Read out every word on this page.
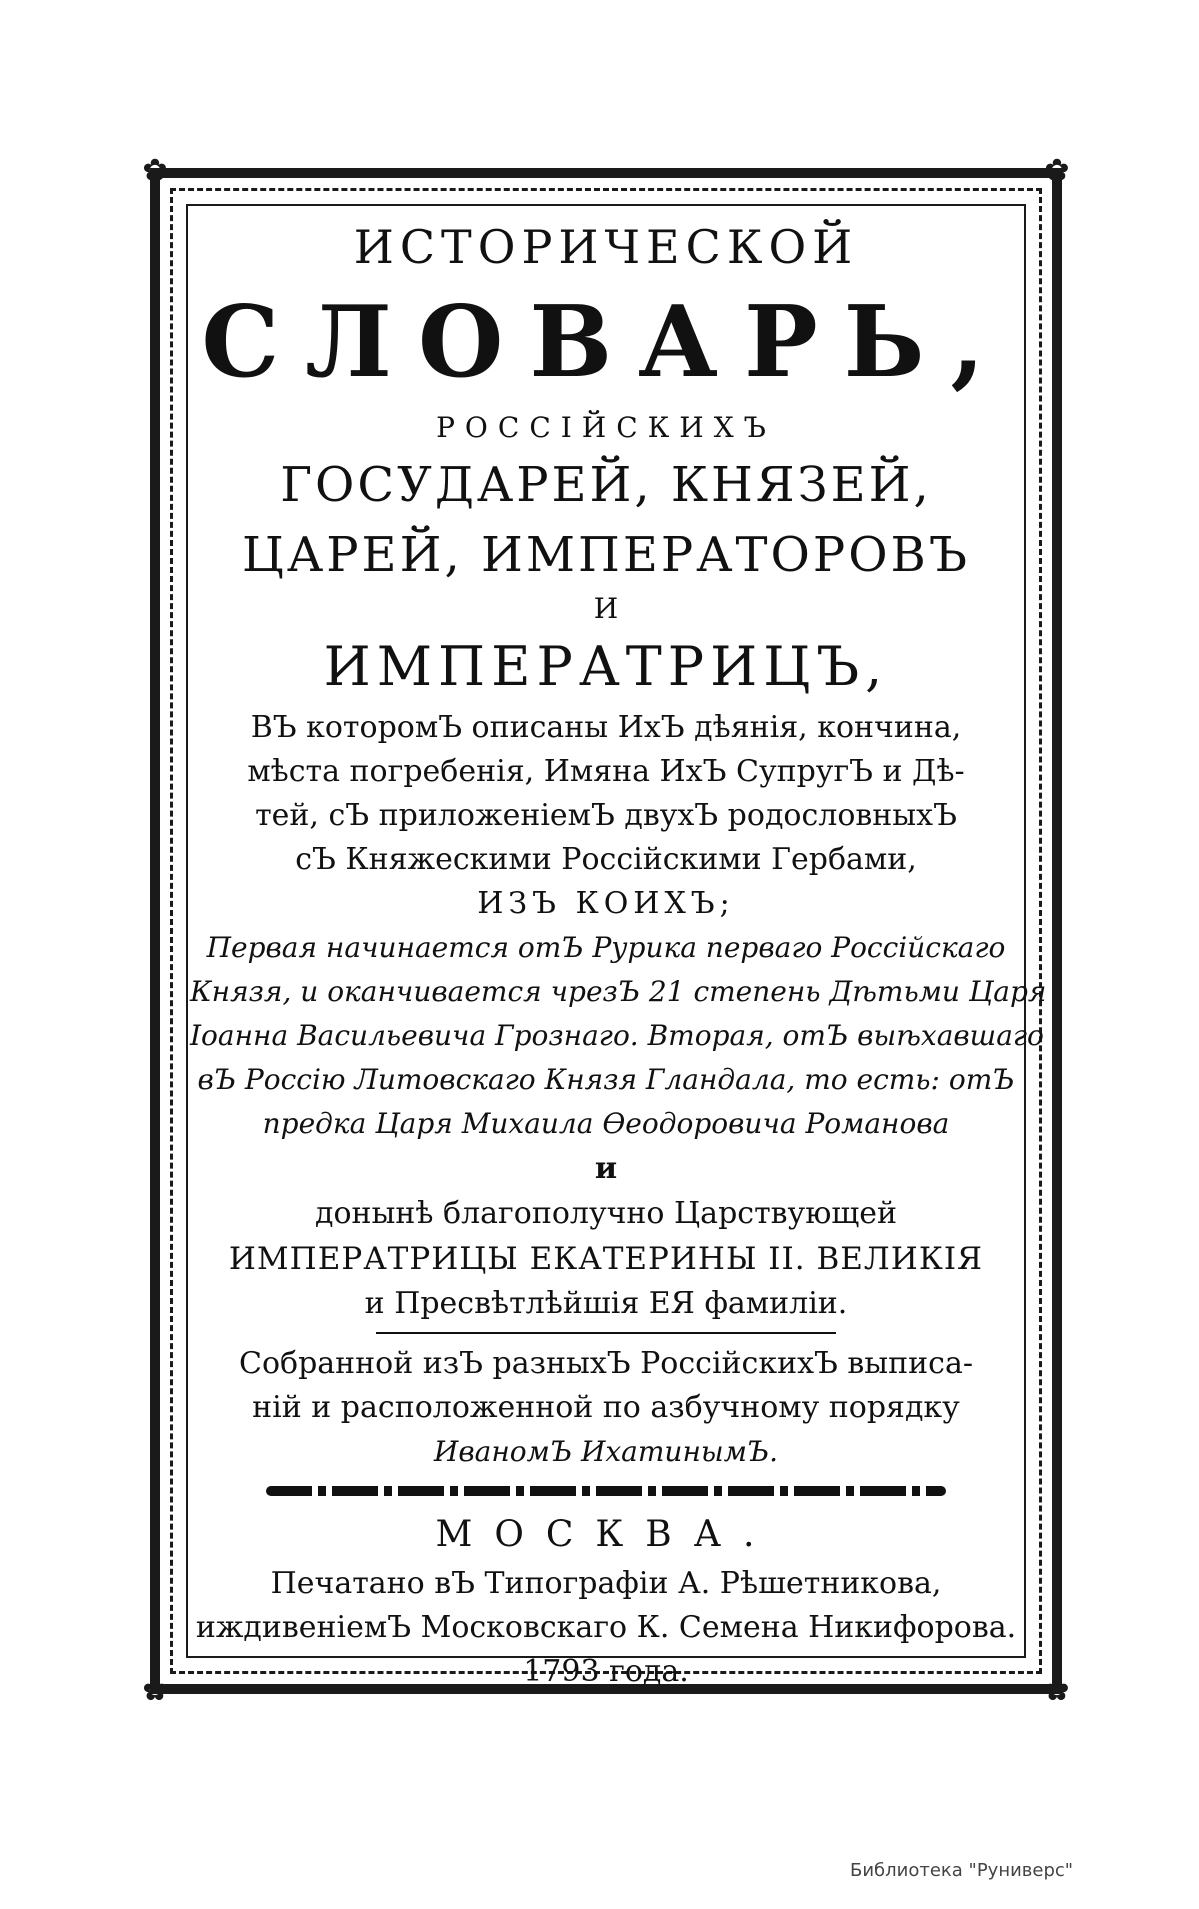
✿	✿
✿	✿

ИСТОРИЧЕСКОЙ

СЛОВАРЬ,

РОССІЙСКИХЪ

ГОСУДАРЕЙ, КНЯЗЕЙ,

ЦАРЕЙ, ИМПЕРАТОРОВЪ

И

ИМПЕРАТРИЦЪ,

ВЪ которомЪ описаны ИхЪ дѣянія, кончина,

мѣста погребенія, Имяна ИхЪ СупругЪ и Дѣ-

тей, сЪ приложеніемЪ двухЪ родословныхЪ

сЪ Княжескими Россійскими Гербами,

ИЗЪ КОИХЪ;

Первая начинается отЪ Рурика перваго Россійскаго

Князя, и оканчивается чрезЪ 21 степень Дѣтьми Царя

Іоанна Васильевича Грознаго. Вторая, отЪ выѣхавшаго

вЪ Россію Литовскаго Князя Гландала, то есть: отЪ

предка Царя Михаила Ѳеодоровича Романова

и

донынѣ благополучно Царствующей

ИМПЕРАТРИЦЫ ЕКАТЕРИНЫ II. ВЕЛИКІЯ

и Пресвѣтлѣйшія ЕЯ фамиліи.

Собранной изЪ разныхЪ РоссійскихЪ выписа-

ній и расположенной по азбучному порядку

ИваномЪ ИхатинымЪ.

МОСКВА.

Печатано вЪ Типографіи А. Рѣшетникова,

иждивеніемЪ Московскаго К. Семена Никифорова.

1793 года.

Библиотека "Руниверс"
